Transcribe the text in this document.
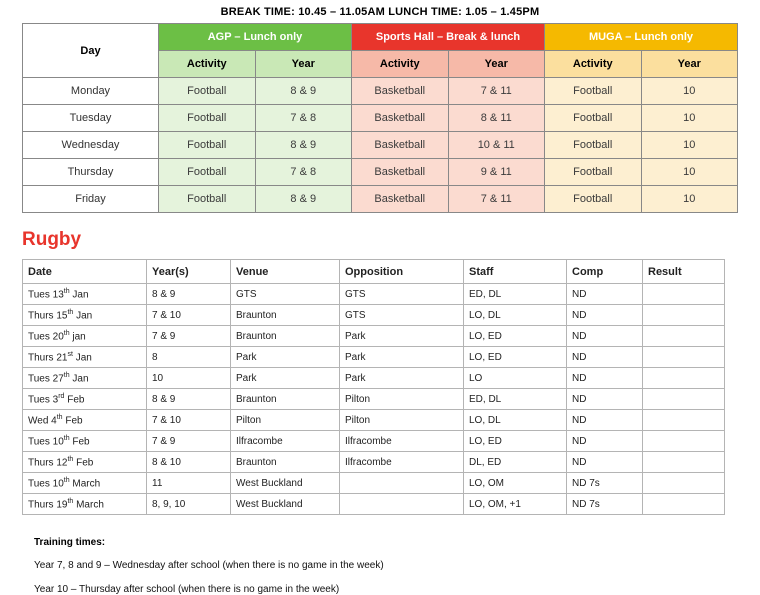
BREAK TIME: 10.45 – 11.05AM LUNCH TIME: 1.05 – 1.45PM
Day	AGP – Lunch only		Sports Hall – Break & lunch		MUGA – Lunch only	
	Activity	Year	Activity	Year	Activity	Year
Monday	Football	8 & 9	Basketball	7 & 11	Football	10
Tuesday	Football	7 & 8	Basketball	8 & 11	Football	10
Wednesday	Football	8 & 9	Basketball	10 & 11	Football	10
Thursday	Football	7 & 8	Basketball	9 & 11	Football	10
Friday	Football	8 & 9	Basketball	7 & 11	Football	10
Rugby
Date	Year(s)	Venue	Opposition	Staff	Comp	Result
Tues 13th Jan	8 & 9	GTS	GTS	ED, DL	ND	
Thurs 15th Jan	7 & 10	Braunton	GTS	LO, DL	ND	
Tues 20th jan	7 & 9	Braunton	Park	LO, ED	ND	
Thurs 21st Jan	8	Park	Park	LO, ED	ND	
Tues 27th Jan	10	Park	Park	LO	ND	
Tues 3rd Feb	8 & 9	Braunton	Pilton	ED, DL	ND	
Wed 4th Feb	7 & 10	Pilton	Pilton	LO, DL	ND	
Tues 10th Feb	7 & 9	Ilfracombe	Ilfracombe	LO, ED	ND	
Thurs 12th Feb	8 & 10	Braunton	Ilfracombe	DL, ED	ND	
Tues 10th March	11	West Buckland		LO, OM	ND 7s	
Thurs 19th March	8, 9, 10	West Buckland		LO, OM, +1	ND 7s	
Training times:
Year 7, 8 and 9 – Wednesday after school (when there is no game in the week)
Year 10 – Thursday after school (when there is no game in the week)
